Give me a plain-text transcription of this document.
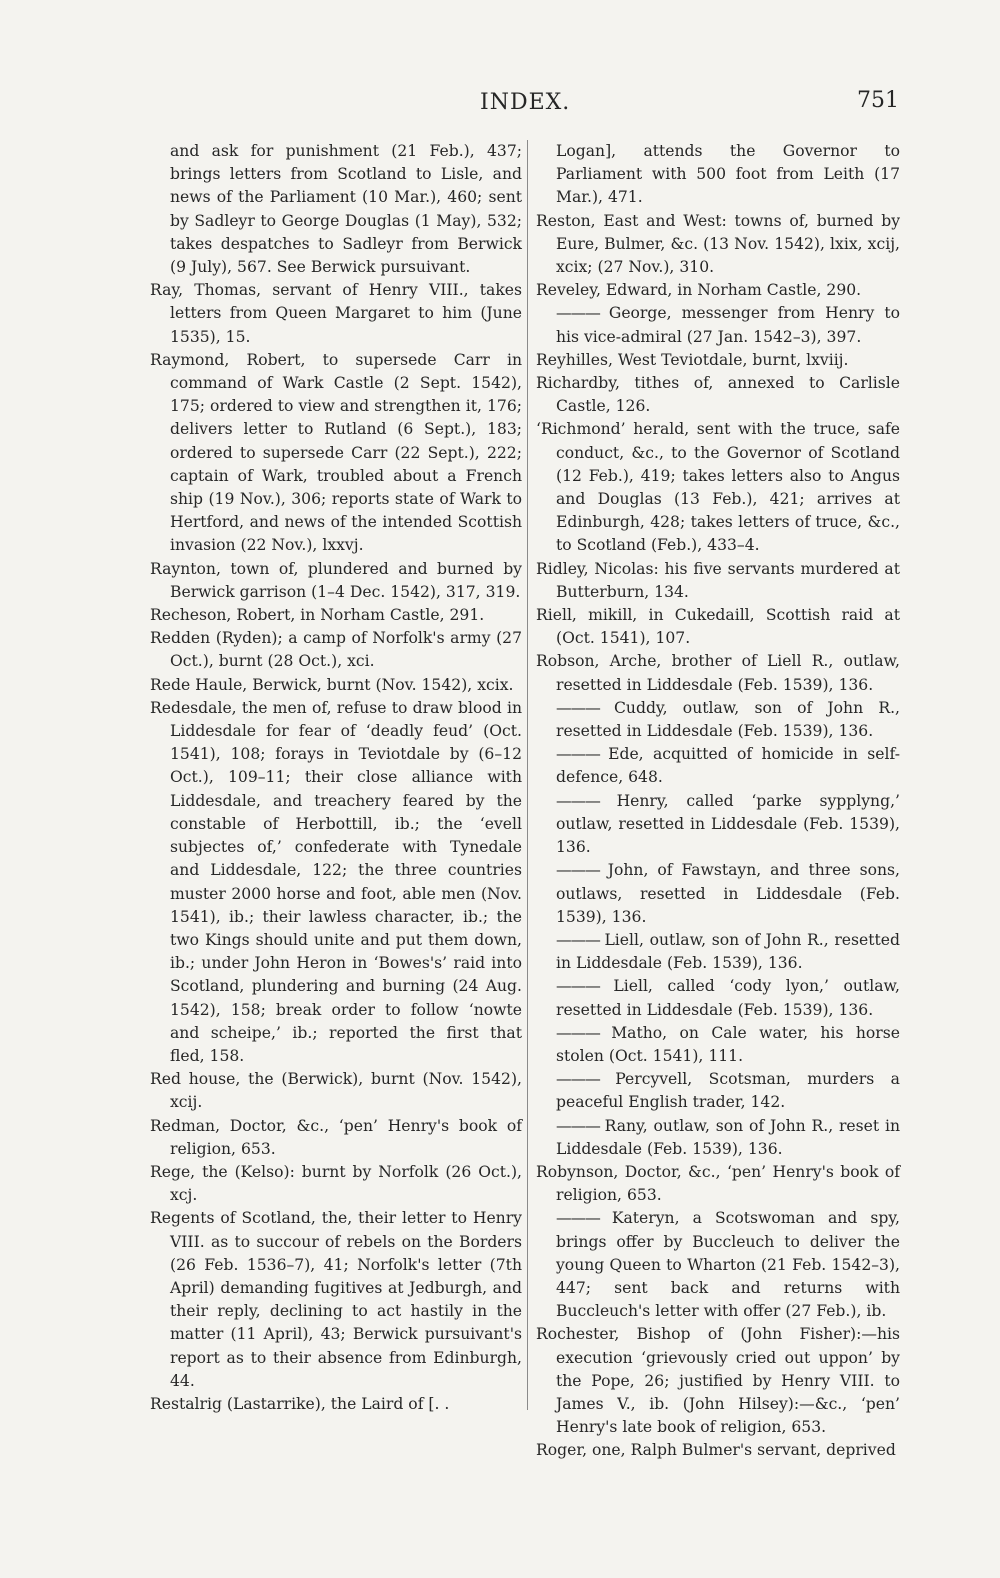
INDEX.	751
and ask for punishment (21 Feb.), 437; brings letters from Scotland to Lisle, and news of the Parliament (10 Mar.), 460; sent by Sadleyr to George Douglas (1 May), 532; takes despatches to Sadleyr from Berwick (9 July), 567. See Berwick pursuivant.
Ray, Thomas, servant of Henry VIII., takes letters from Queen Margaret to him (June 1535), 15.
Raymond, Robert, to supersede Carr in command of Wark Castle (2 Sept. 1542), 175; ordered to view and strengthen it, 176; delivers letter to Rutland (6 Sept.), 183; ordered to supersede Carr (22 Sept.), 222; captain of Wark, troubled about a French ship (19 Nov.), 306; reports state of Wark to Hertford, and news of the intended Scottish invasion (22 Nov.), lxxvj.
Raynton, town of, plundered and burned by Berwick garrison (1–4 Dec. 1542), 317, 319.
Recheson, Robert, in Norham Castle, 291.
Redden (Ryden); a camp of Norfolk's army (27 Oct.), burnt (28 Oct.), xci.
Rede Haule, Berwick, burnt (Nov. 1542), xcix.
Redesdale, the men of, refuse to draw blood in Liddesdale for fear of ‘deadly feud’ (Oct. 1541), 108; forays in Teviotdale by (6–12 Oct.), 109–11; their close alliance with Liddesdale, and treachery feared by the constable of Herbottill, ib.; the ‘evell subjectes of,’ confederate with Tynedale and Liddesdale, 122; the three countries muster 2000 horse and foot, able men (Nov. 1541), ib.; their lawless character, ib.; the two Kings should unite and put them down, ib.; under John Heron in ‘Bowes's’ raid into Scotland, plundering and burning (24 Aug. 1542), 158; break order to follow ‘nowte and scheipe,’ ib.; reported the first that fled, 158.
Red house, the (Berwick), burnt (Nov. 1542), xcij.
Redman, Doctor, &c., ‘pen’ Henry's book of religion, 653.
Rege, the (Kelso): burnt by Norfolk (26 Oct.), xcj.
Regents of Scotland, the, their letter to Henry VIII. as to succour of rebels on the Borders (26 Feb. 1536–7), 41; Norfolk's letter (7th April) demanding fugitives at Jedburgh, and their reply, declining to act hastily in the matter (11 April), 43; Berwick pursuivant's report as to their absence from Edinburgh, 44.
Restalrig (Lastarrike), the Laird of [. .
Logan], attends the Governor to Parliament with 500 foot from Leith (17 Mar.), 471.
Reston, East and West: towns of, burned by Eure, Bulmer, &c. (13 Nov. 1542), lxix, xcij, xcix; (27 Nov.), 310.
Reveley, Edward, in Norham Castle, 290.
——— George, messenger from Henry to his vice-admiral (27 Jan. 1542–3), 397.
Reyhilles, West Teviotdale, burnt, lxviij.
Richardby, tithes of, annexed to Carlisle Castle, 126.
‘Richmond’ herald, sent with the truce, safe conduct, &c., to the Governor of Scotland (12 Feb.), 419; takes letters also to Angus and Douglas (13 Feb.), 421; arrives at Edinburgh, 428; takes letters of truce, &c., to Scotland (Feb.), 433–4.
Ridley, Nicolas: his five servants murdered at Butterburn, 134.
Riell, mikill, in Cukedaill, Scottish raid at (Oct. 1541), 107.
Robson, Arche, brother of Liell R., outlaw, resetted in Liddesdale (Feb. 1539), 136.
——— Cuddy, outlaw, son of John R., resetted in Liddesdale (Feb. 1539), 136.
——— Ede, acquitted of homicide in self-defence, 648.
——— Henry, called ‘parke sypplyng,’ outlaw, resetted in Liddesdale (Feb. 1539), 136.
——— John, of Fawstayn, and three sons, outlaws, resetted in Liddesdale (Feb. 1539), 136.
——— Liell, outlaw, son of John R., resetted in Liddesdale (Feb. 1539), 136.
——— Liell, called ‘cody lyon,’ outlaw, resetted in Liddesdale (Feb. 1539), 136.
——— Matho, on Cale water, his horse stolen (Oct. 1541), 111.
——— Percyvell, Scotsman, murders a peaceful English trader, 142.
——— Rany, outlaw, son of John R., reset in Liddesdale (Feb. 1539), 136.
Robynson, Doctor, &c., ‘pen’ Henry's book of religion, 653.
——— Kateryn, a Scotswoman and spy, brings offer by Buccleuch to deliver the young Queen to Wharton (21 Feb. 1542–3), 447; sent back and returns with Buccleuch's letter with offer (27 Feb.), ib.
Rochester, Bishop of (John Fisher):—his execution ‘grievously cried out uppon’ by the Pope, 26; justified by Henry VIII. to James V., ib. (John Hilsey):—&c., ‘pen’ Henry's late book of religion, 653.
Roger, one, Ralph Bulmer's servant, deprived
